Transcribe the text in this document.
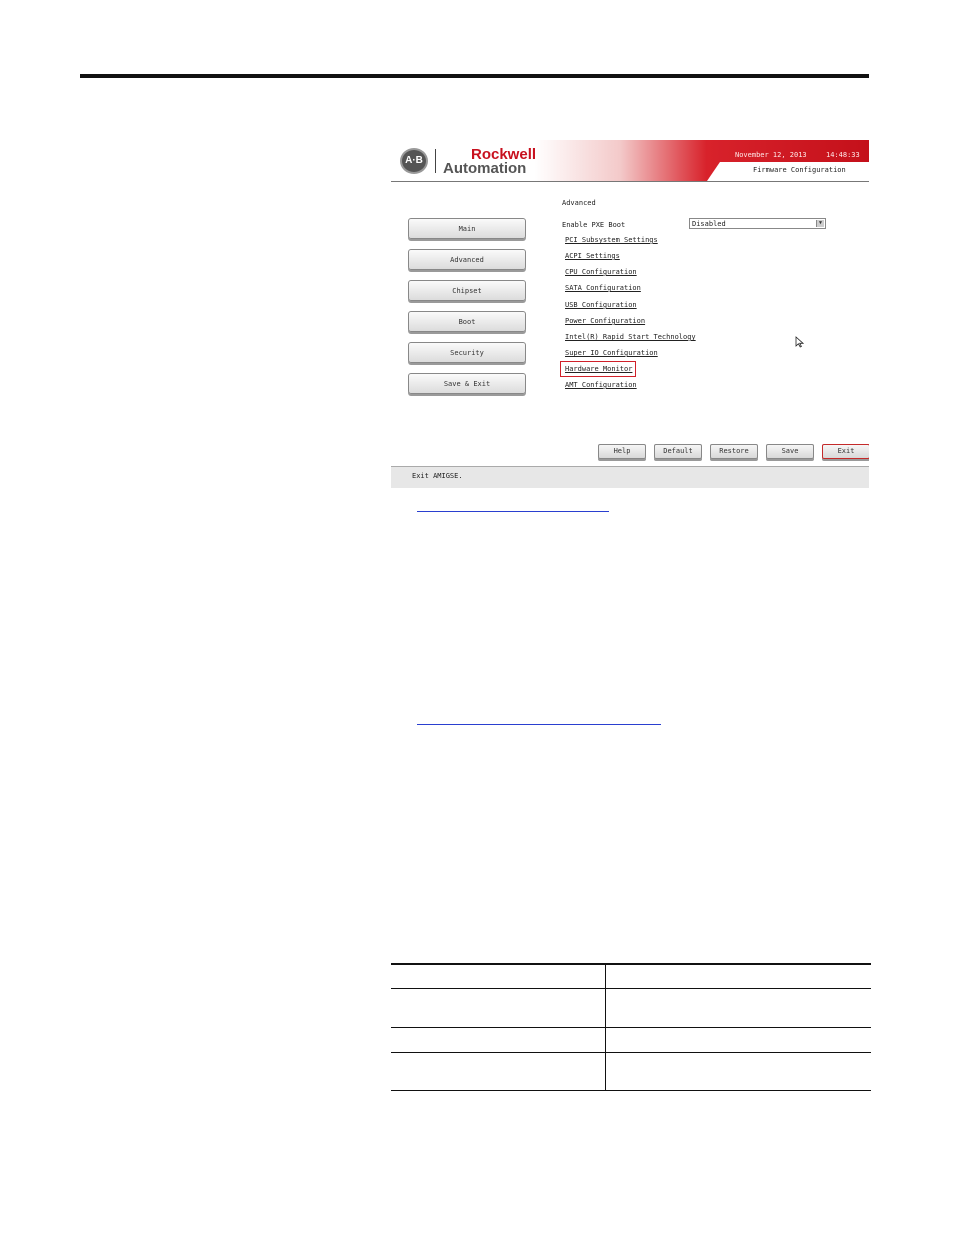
A·B	Rockwell
Automation
November 12, 2013	14:48:33
Firmware Configuration
Main
Advanced
Chipset
Boot
Security
Save & Exit
Advanced
Enable PXE Boot	Disabled	▼
PCI Subsystem Settings
ACPI Settings
CPU Configuration
SATA Configuration
USB Configuration
Power Configuration
Intel(R) Rapid Start Technology
Super IO Configuration
Hardware Monitor
AMT Configuration
Help	Default	Restore	Save	Exit
Exit AMIGSE.
